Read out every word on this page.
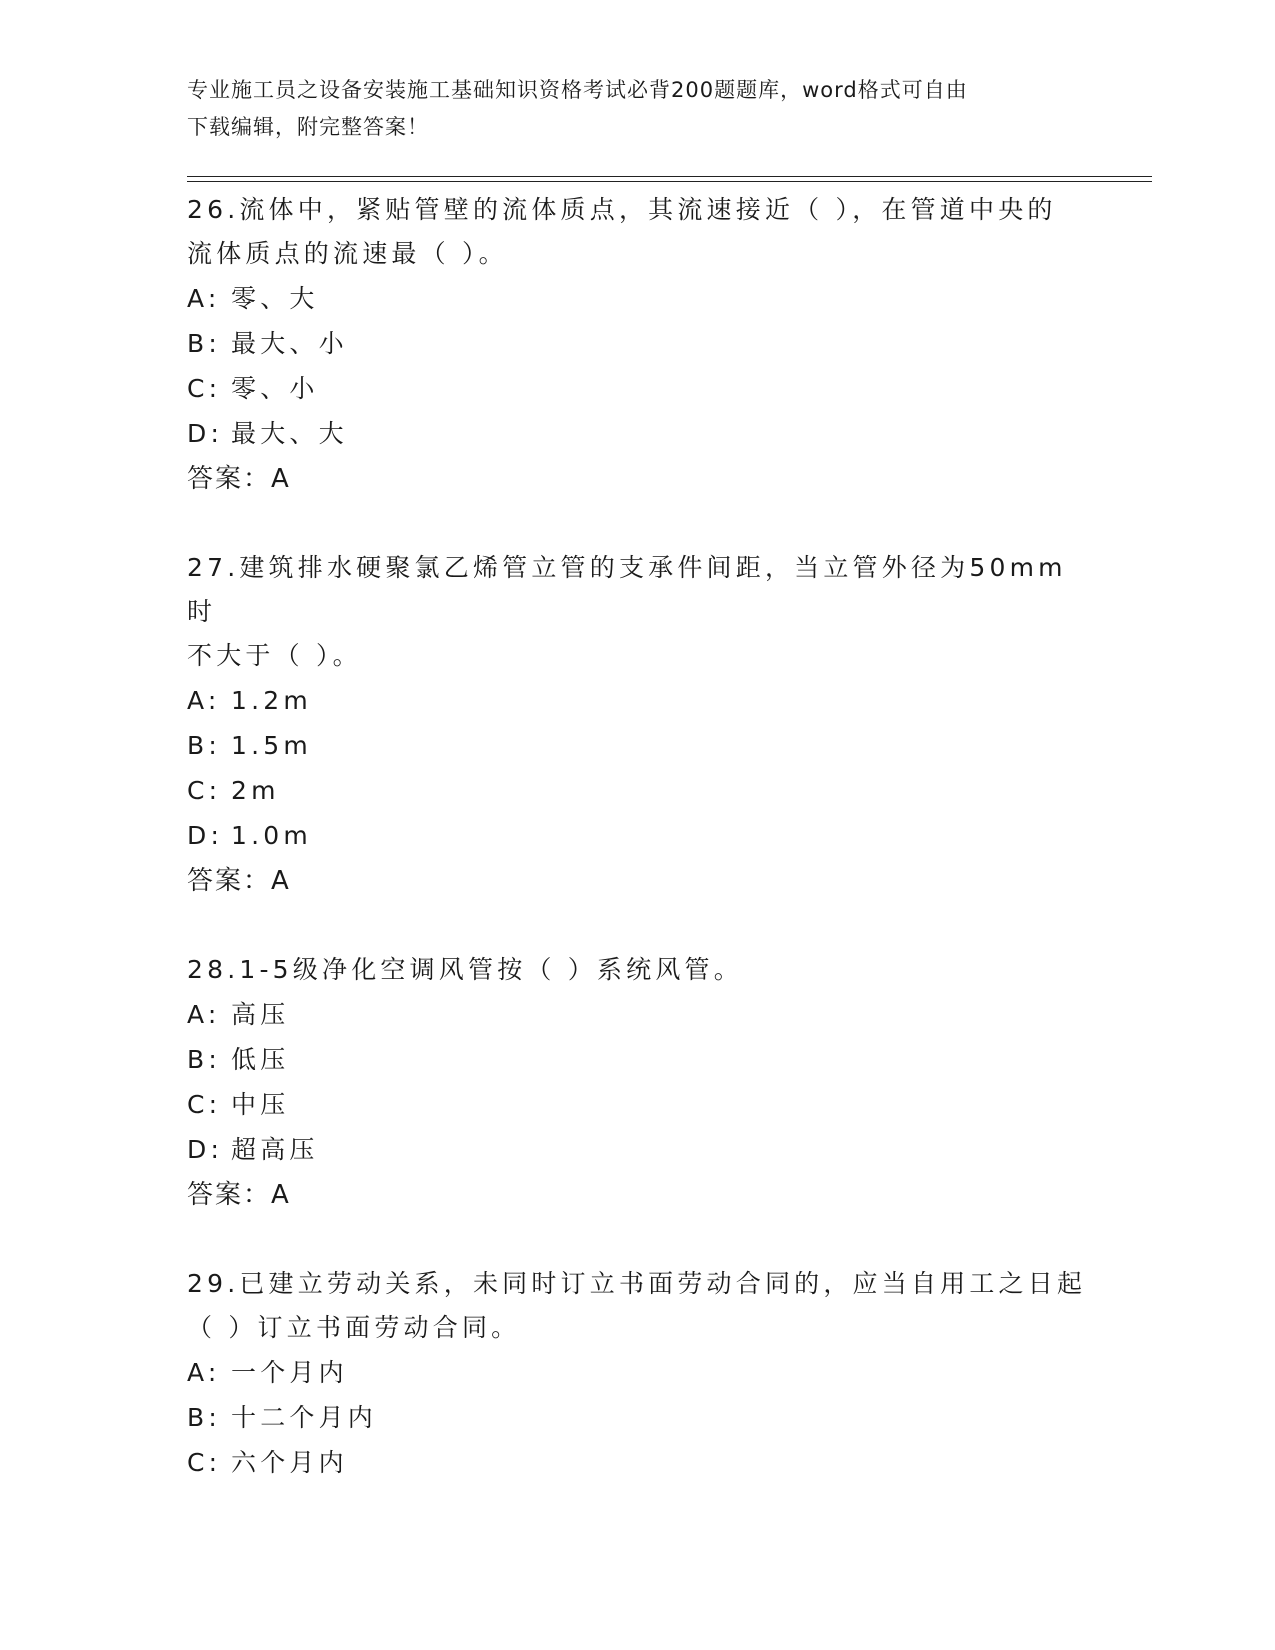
专业施工员之设备安装施工基础知识资格考试必背200题题库，word格式可自由
下载编辑，附完整答案！

26.流体中，紧贴管壁的流体质点，其流速接近（ ），在管道中央的

流体质点的流速最（ ）。

A: 零、大

B: 最大、小

C: 零、小

D: 最大、大

答案：A

27.建筑排水硬聚氯乙烯管立管的支承件间距，当立管外径为50mm时

不大于（ ）。

A: 1.2m

B: 1.5m

C: 2m

D: 1.0m

答案：A

28.1-5级净化空调风管按（ ）系统风管。

A: 高压

B: 低压

C: 中压

D: 超高压

答案：A

29.已建立劳动关系，未同时订立书面劳动合同的，应当自用工之日起

（ ）订立书面劳动合同。

A: 一个月内

B: 十二个月内

C: 六个月内
